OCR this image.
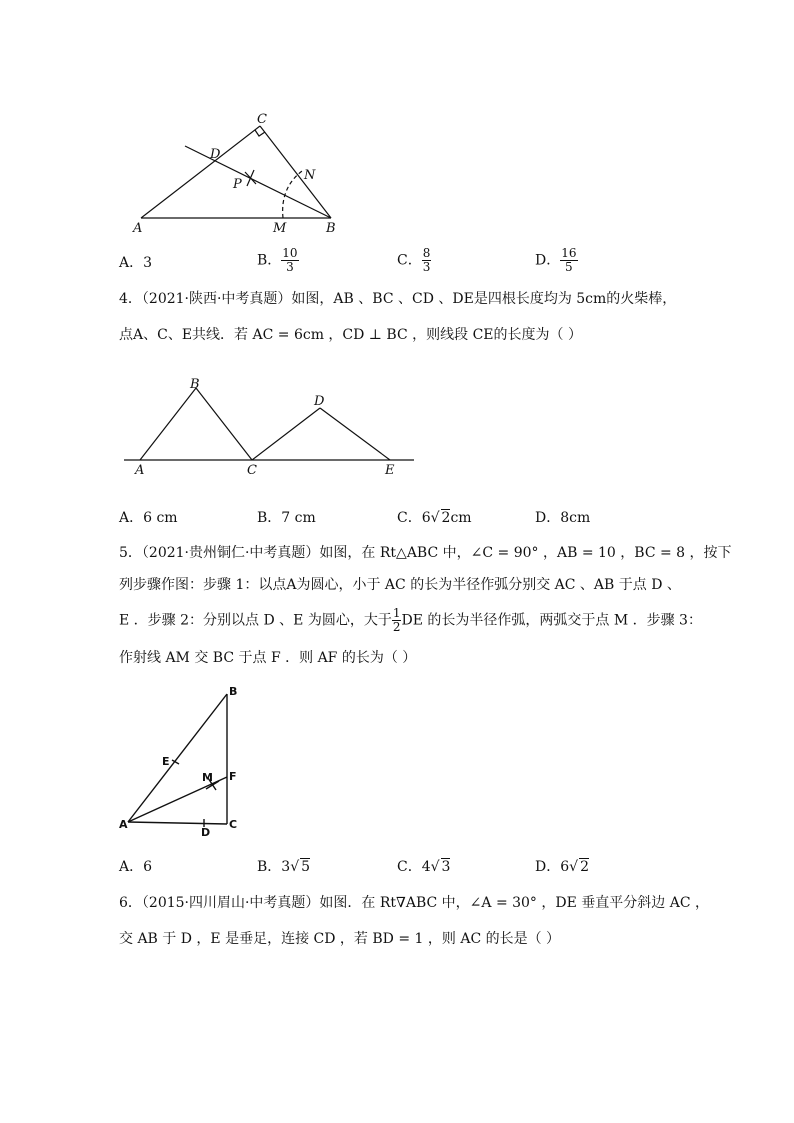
C
D
P
N
A	M	B
A．3	B． $\frac{10}{3}$	C． $\frac{8}{3}$	D． $\frac{16}{5}$
4．（2021·陕西·中考真题）如图，AB 、BC 、CD 、DE是四根长度均为 5cm的火柴棒，
点A、C、E共线．若 AC = 6cm ，CD ⊥ BC ，则线段 CE的长度为（ ）
B
D
A	C	E
A．6 cm	B．7 cm	C．6√ 2cm	D．8cm
5．（2021·贵州铜仁·中考真题）如图，在 Rt△ABC 中，∠C = 90° ，AB = 10 ，BC = 8 ，按下
列步骤作图：步骤 1：以点A为圆心，小于 AC 的长为半径作弧分别交 AC 、AB 于点 D 、
E ．步骤 2：分别以点 D 、E 为圆心，大于 $\frac{1}{2}$ DE 的长为半径作弧，两弧交于点 M ．步骤 3：
作射线 AM 交 BC 于点 F ．则 AF 的长为（ ）
B
E
M F
A
D
C
A．6	B．3√ 5	C．4√ 3	D．6√ 2
6．（2015·四川眉山·中考真题）如图．在 Rt∇ABC 中，∠A = 30° ，DE 垂直平分斜边 AC ，
交 AB 于 D ，E 是垂足，连接 CD ，若 BD = 1 ，则 AC 的长是（ ）
